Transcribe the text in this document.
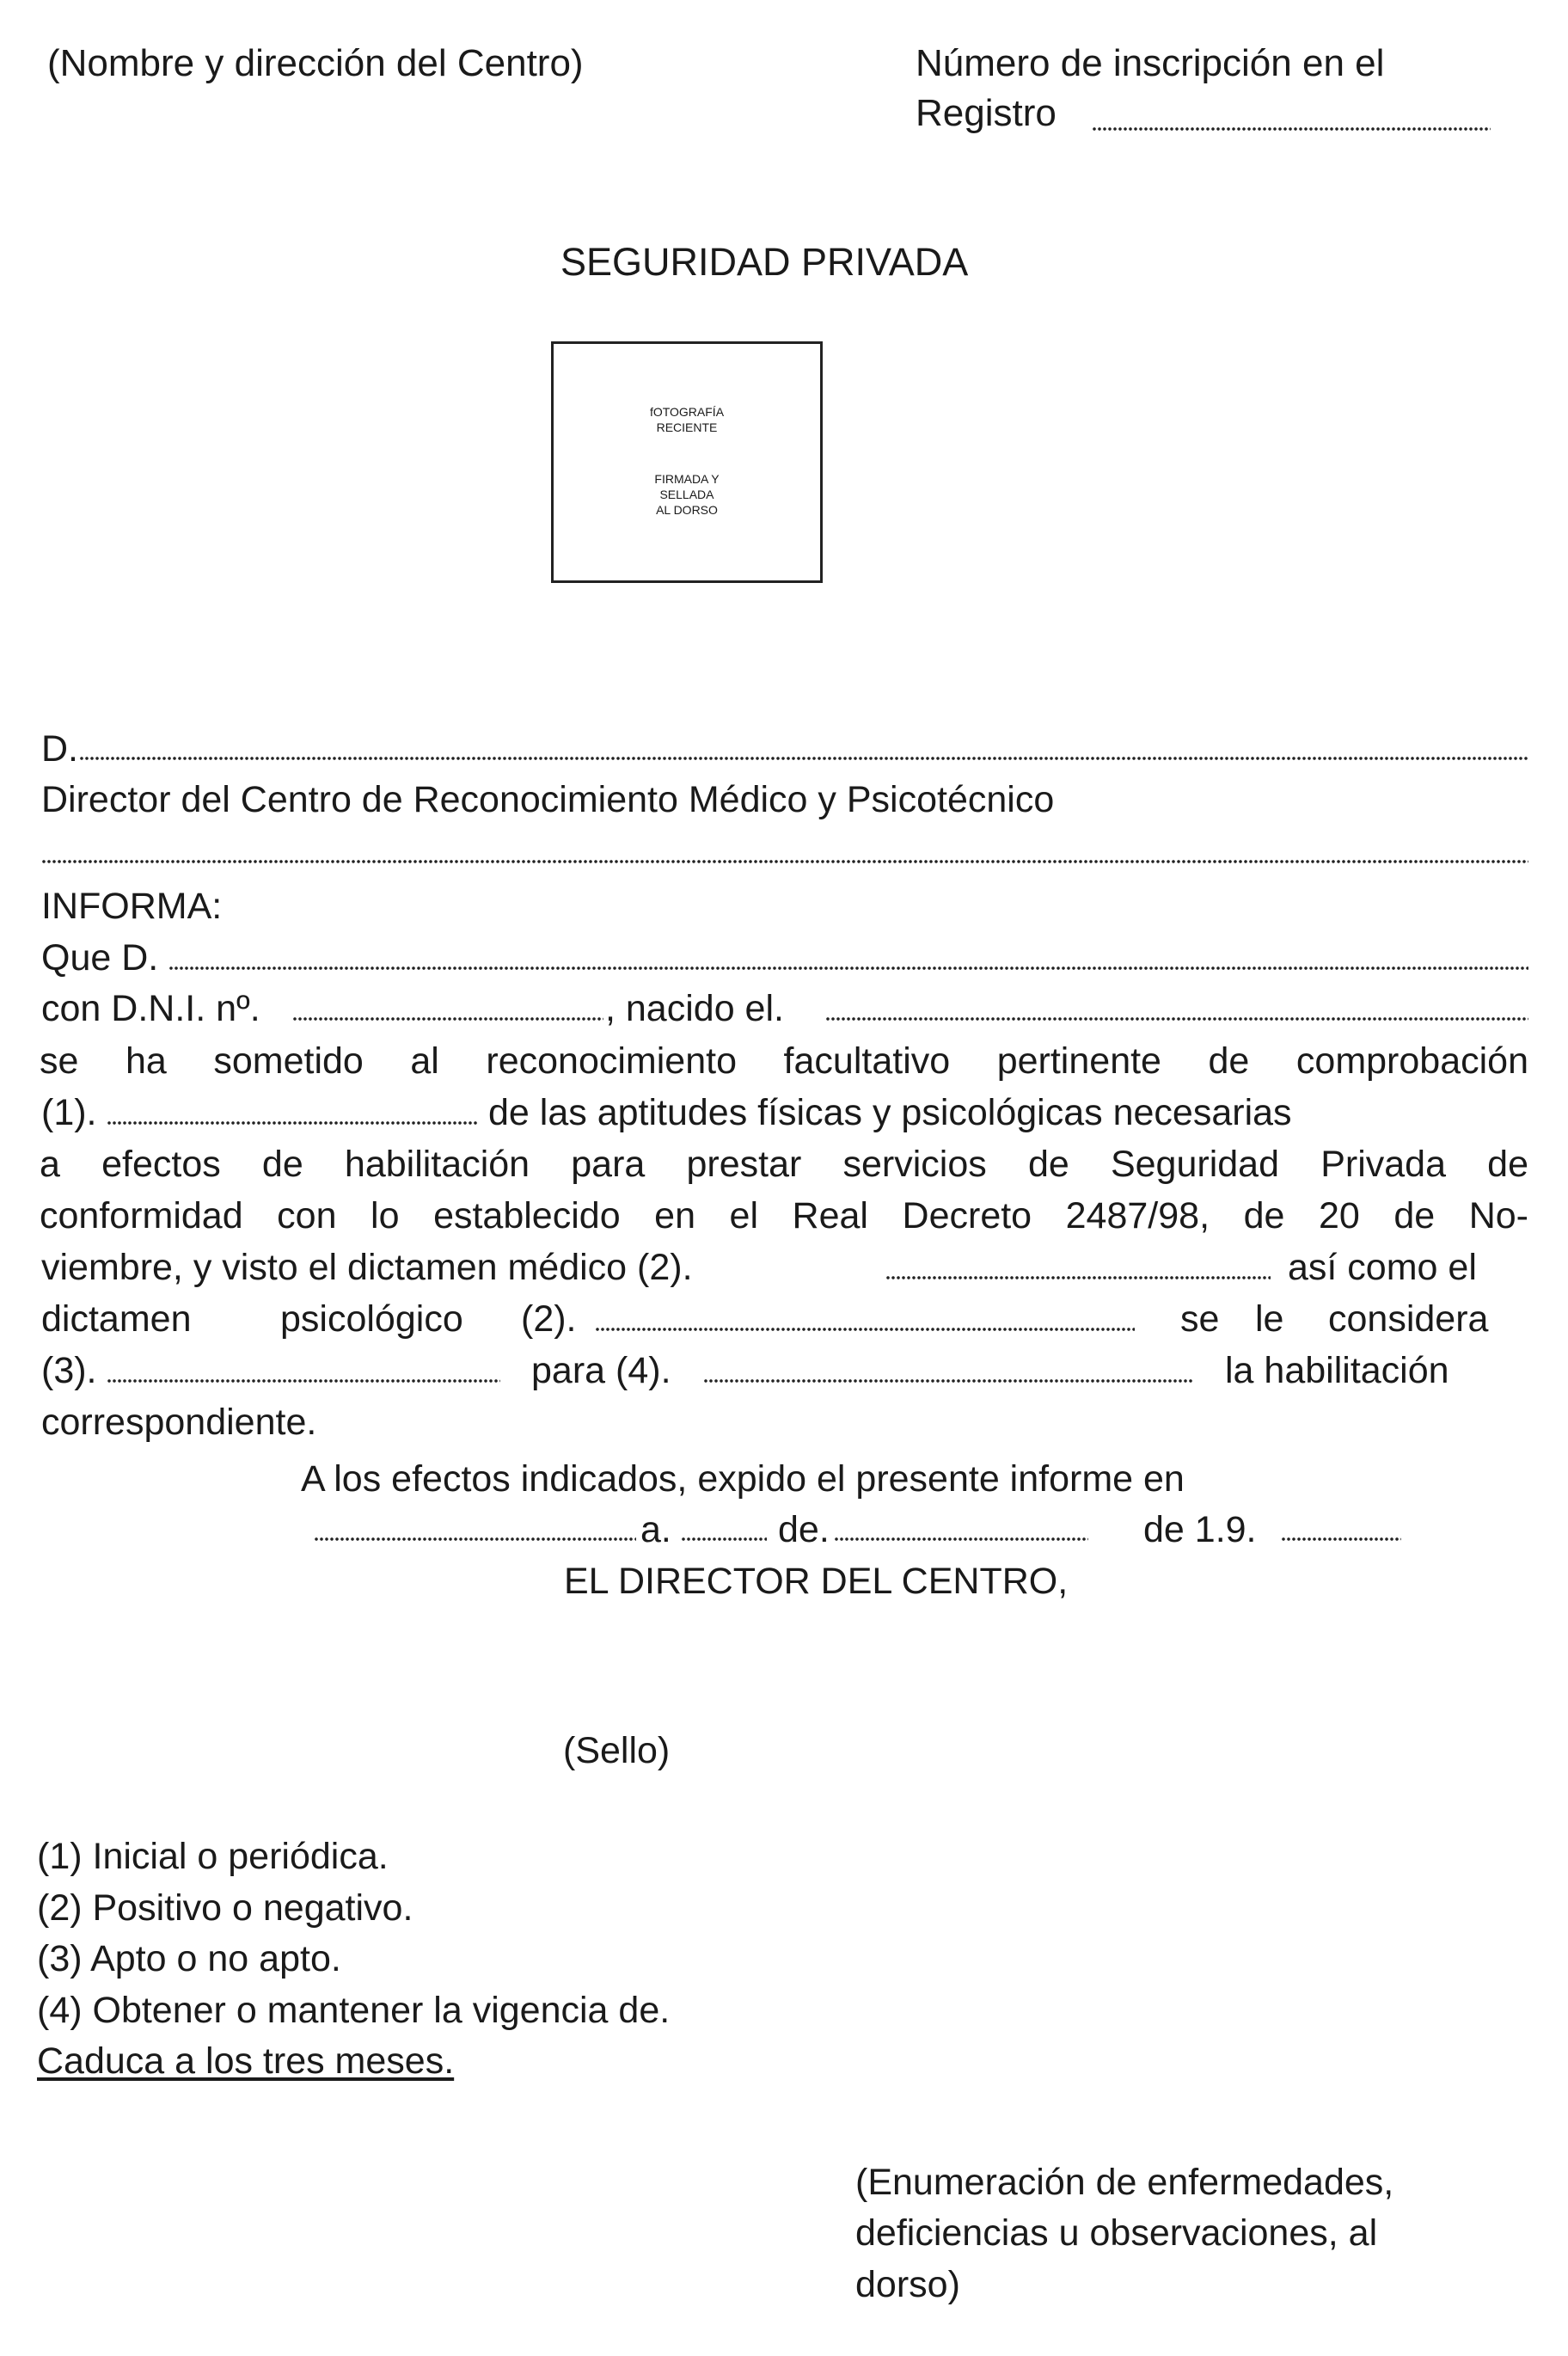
(Nombre y dirección del Centro)	Número de inscripción en el
Registro
SEGURIDAD PRIVADA
fOTOGRAFÍA
RECIENTE
FIRMADA Y
SELLADA
AL DORSO
D.
Director del Centro de Reconocimiento Médico y Psicotécnico
INFORMA:
Que D.
con D.N.I. nº.	, nacido el.
se ha sometido al reconocimiento facultativo pertinente de comprobación
(1).	de las aptitudes físicas y psicológicas necesarias
a efectos de habilitación para prestar servicios de Seguridad Privada de
conformidad con lo establecido en el Real Decreto 2487/98, de 20 de No-
viembre, y visto el dictamen médico (2).	así como el
dictamen psicológico (2).	se le considera
(3).	para (4).	la habilitación
correspondiente.
A los efectos indicados, expido el presente informe en
a.	de.	de 1.9.
EL DIRECTOR DEL CENTRO,
(Sello)
(1) Inicial o periódica.
(2) Positivo o negativo.
(3) Apto o no apto.
(4) Obtener o mantener la vigencia de.
Caduca a los tres meses.
(Enumeración de enfermedades,
deficiencias u observaciones, al
dorso)
